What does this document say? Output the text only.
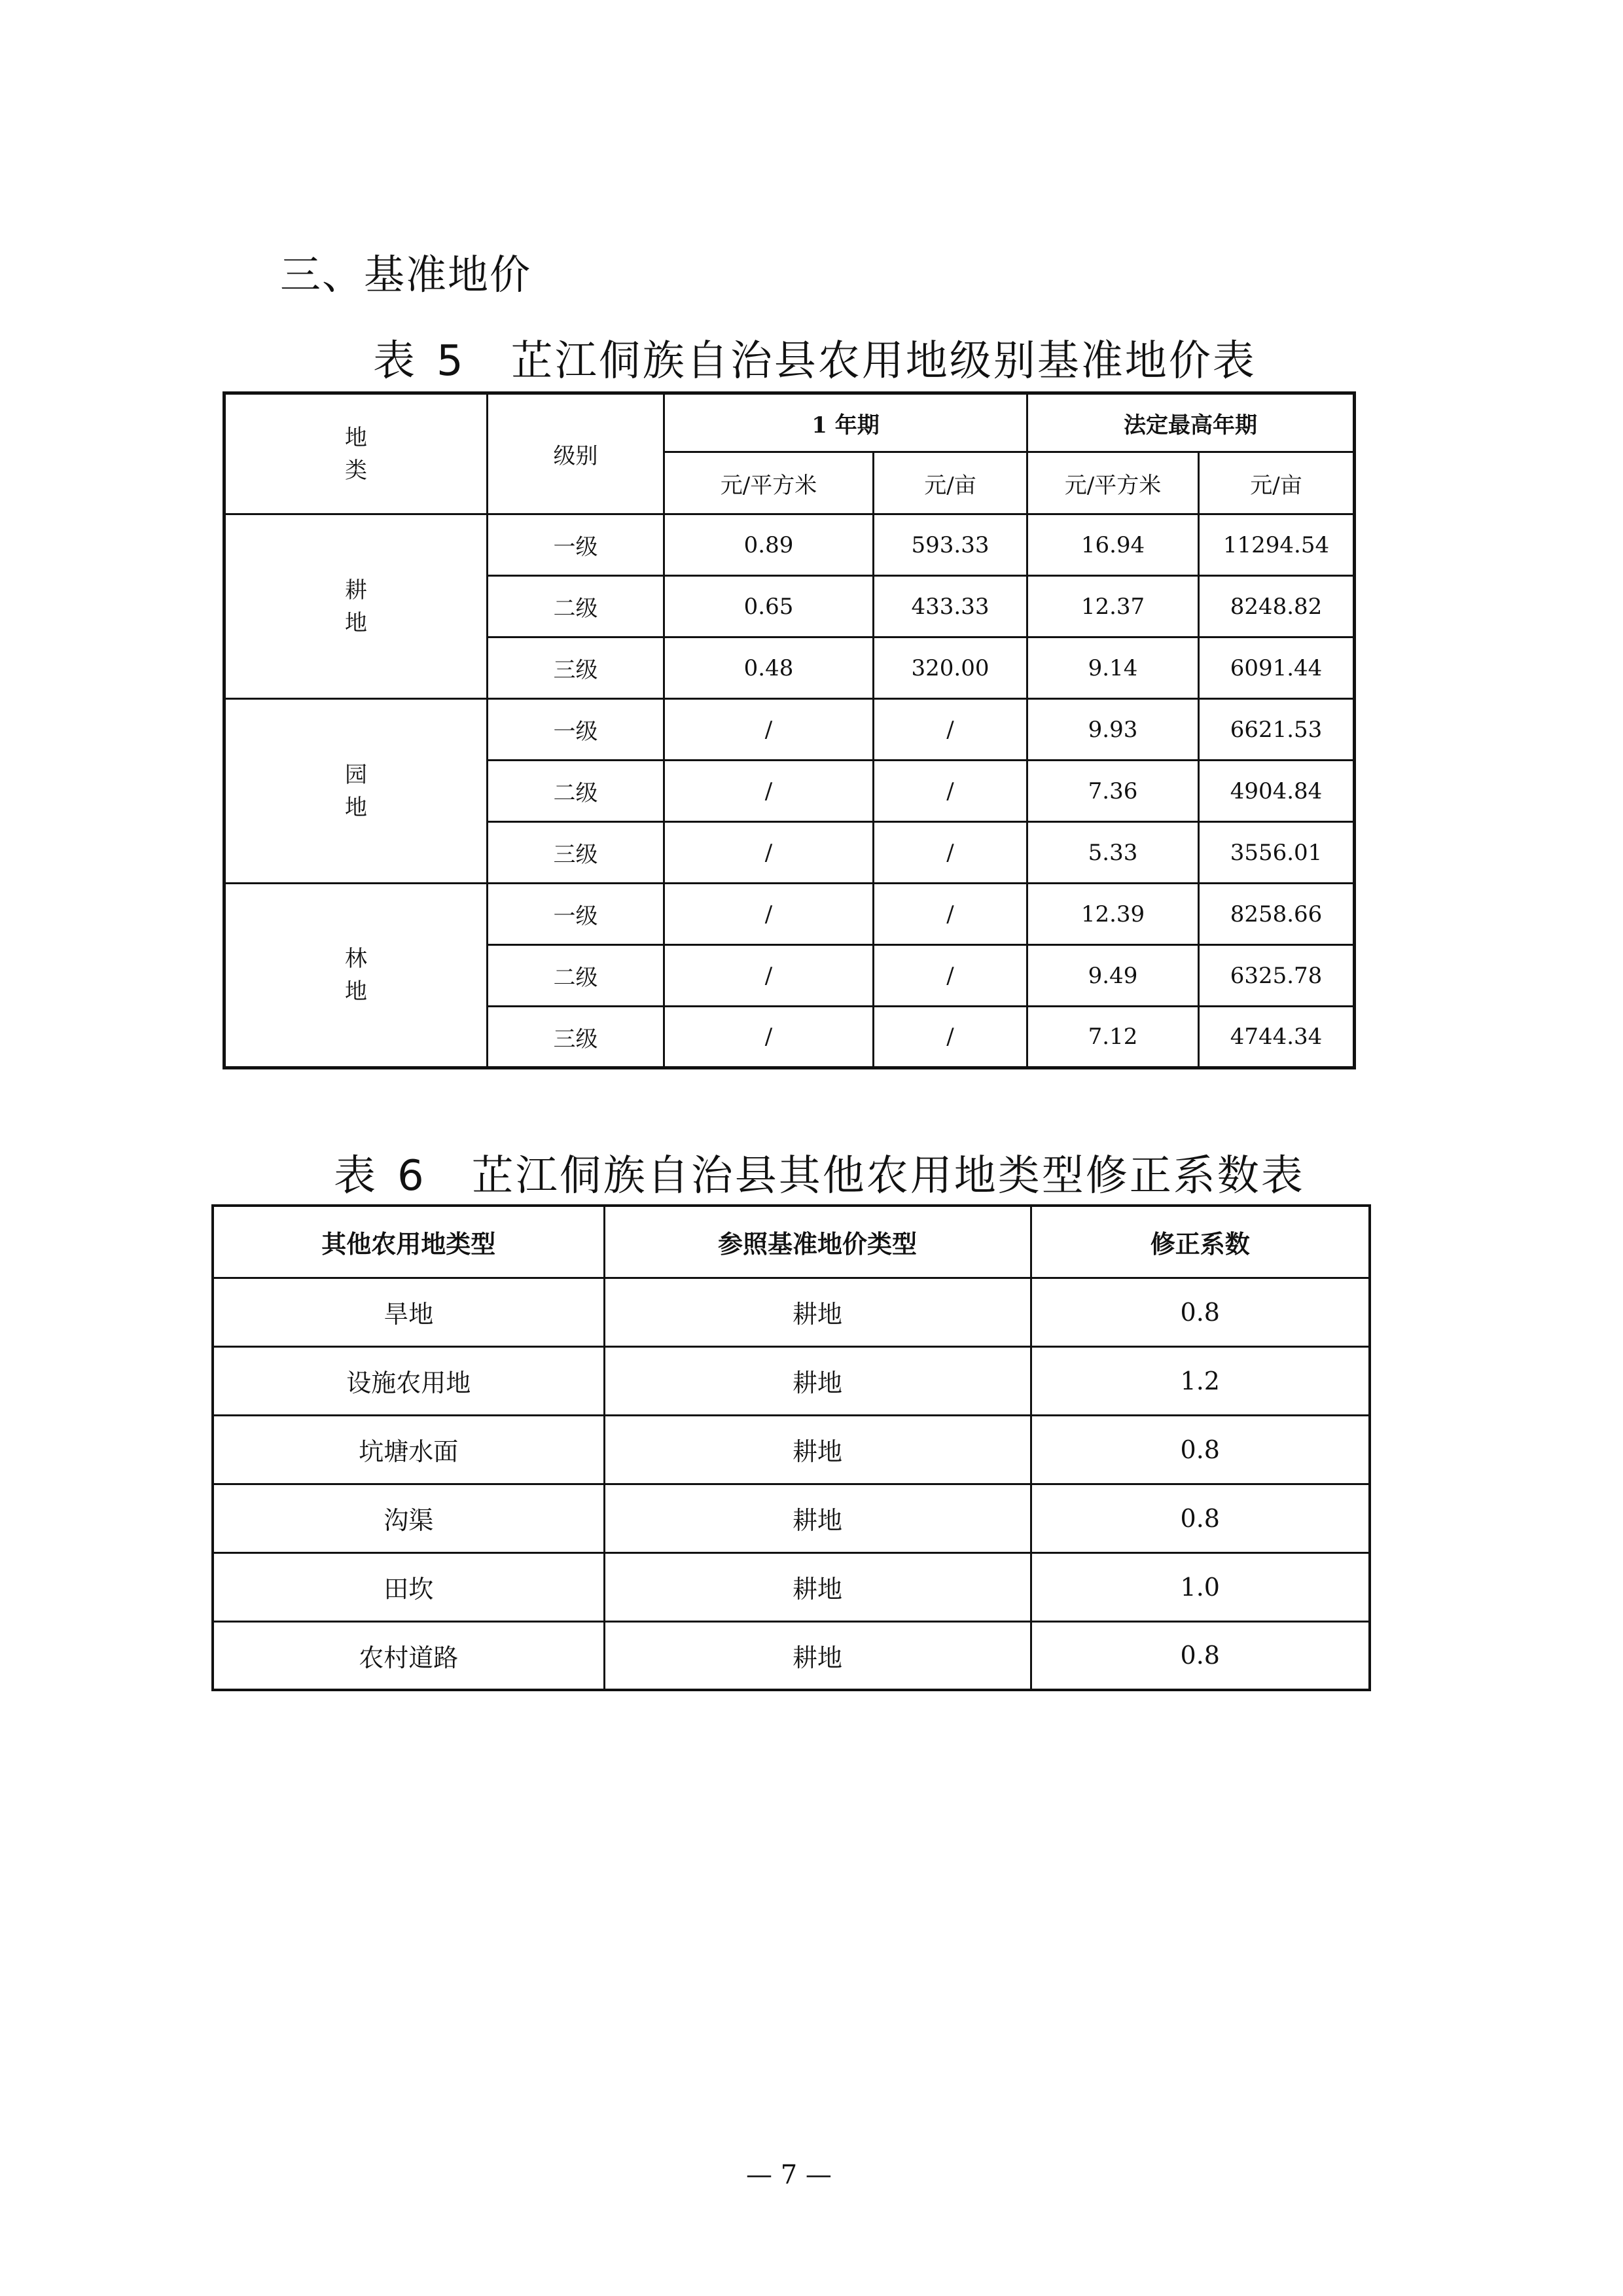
三、基准地价
表 5 芷江侗族自治县农用地级别基准地价表
地
类	级别	1 年期		法定最高年期	
		元/平方米	元/亩	元/平方米	元/亩

耕
地	一级	0.89	593.33	16.94	11294.54
	二级	0.65	433.33	12.37	8248.82
	三级	0.48	320.00	9.14	6091.44

园
地	一级	/	/	9.93	6621.53
	二级	/	/	7.36	4904.84
	三级	/	/	5.33	3556.01

林
地	一级	/	/	12.39	8258.66
	二级	/	/	9.49	6325.78
	三级	/	/	7.12	4744.34
表 6 芷江侗族自治县其他农用地类型修正系数表
其他农用地类型	参照基准地价类型	修正系数
旱地	耕地	0.8
设施农用地	耕地	1.2
坑塘水面	耕地	0.8
沟渠	耕地	0.8
田坎	耕地	1.0
农村道路	耕地	0.8
— 7 —
